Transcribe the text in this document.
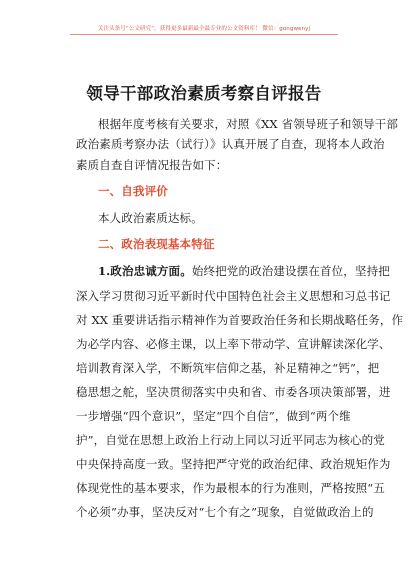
关注头条号“公文研究”，获得更多最新最全最专业的公文资料库！ 微信：gongwenyj
领导干部政治素质考察自评报告
根据年度考核有关要求，对照《XX 省领导班子和领导干部
政治素质考察办法（试行）》认真开展了自查，现将本人政治
素质自查自评情况报告如下：
一、自我评价
本人政治素质达标。
二、政治表现基本特征
1.政治忠诚方面。始终把党的政治建设摆在首位，坚持把
深入学习贯彻习近平新时代中国特色社会主义思想和习总书记
对 XX 重要讲话指示精神作为首要政治任务和长期战略任务，作
为必学内容、必修主课，以上率下带动学、宣讲解读深化学、
培训教育深入学，不断筑牢信仰之基，补足精神之“钙”，把
稳思想之舵，坚决贯彻落实中央和省、市委各项决策部署，进
一步增强“四个意识”，坚定“四个自信”，做到“两个维
护”，自觉在思想上政治上行动上同以习近平同志为核心的党
中央保持高度一致。坚持把严守党的政治纪律、政治规矩作为
体现党性的基本要求，作为最根本的行为准则，严格按照“五
个必须”办事，坚决反对“七个有之”现象，自觉做政治上的
